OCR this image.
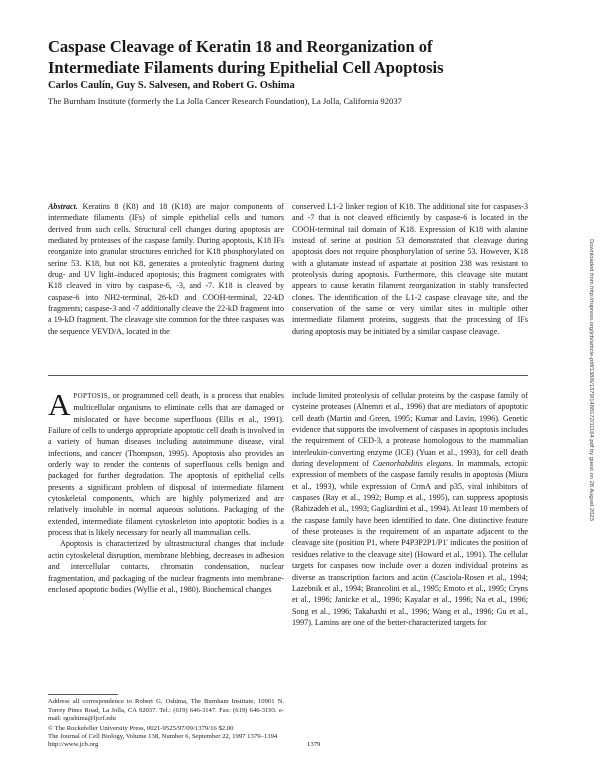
Caspase Cleavage of Keratin 18 and Reorganization of Intermediate Filaments during Epithelial Cell Apoptosis
Carlos Caulín, Guy S. Salvesen, and Robert G. Oshima
The Burnham Institute (formerly the La Jolla Cancer Research Foundation), La Jolla, California 92037

Abstract. Keratins 8 (K8) and 18 (K18) are major components of intermediate filaments (IFs) of simple epithelial cells and tumors derived from such cells. Structural cell changes during apoptosis are mediated by proteases of the caspase family. During apoptosis, K18 IFs reorganize into granular structures enriched for K18 phosphorylated on serine 53. K18, but not K8, generates a proteolytic fragment during drug- and UV light–induced apoptosis; this fragment comigrates with K18 cleaved in vitro by caspase-6, -3, and -7. K18 is cleaved by caspase-6 into NH2-terminal, 26-kD and COOH-terminal, 22-kD fragments; caspase-3 and -7 additionally cleave the 22-kD fragment into a 19-kD fragment. The cleavage site common for the three caspases was the sequence VEVD/A, located in the

conserved L1-2 linker region of K18. The additional site for caspases-3 and -7 that is not cleaved efficiently by caspase-6 is located in the COOH-terminal tail domain of K18. Expression of K18 with alanine instead of serine at position 53 demonstrated that cleavage during apoptosis does not require phosphorylation of serine 53. However, K18 with a glutamate instead of aspartate at position 238 was resistant to proteolysis during apoptosis. Furthermore, this cleavage site mutant appears to cause keratin filament reorganization in stably transfected clones. The identification of the L1-2 caspase cleavage site, and the conservation of the same or very similar sites in multiple other intermediate filament proteins, suggests that the processing of IFs during apoptosis may be initiated by a similar caspase cleavage.

APOPTOSIS, or programmed cell death, is a process that enables multicellular organisms to eliminate cells that are damaged or mislocated or have become superfluous (Ellis et al., 1991). Failure of cells to undergo appropriate apoptotic cell death is involved in a variety of human diseases including autoimmune disease, viral infections, and cancer (Thompson, 1995). Apoptosis also provides an orderly way to render the contents of superfluous cells benign and packaged for further degradation. The apoptosis of epithelial cells presents a significant problem of disposal of intermediate filament cytoskeletal components, which are highly polymerized and are relatively insoluble in normal aqueous solutions. Packaging of the extended, intermediate filament cytoskeleton into apoptotic bodies is a process that is likely necessary for nearly all mammalian cells.

Apoptosis is characterized by ultrastructural changes that include actin cytoskeletal disruption, membrane blebbing, decreases in adhesion and intercellular contacts, chromatin condensation, nuclear fragmentation, and packaging of the nuclear fragments into membrane-enclosed apoptotic bodies (Wyllie et al., 1980). Biochemical changes

include limited proteolysis of cellular proteins by the caspase family of cysteine proteases (Alnemri et al., 1996) that are mediators of apoptotic cell death (Martin and Green, 1995; Kumar and Lavin, 1996). Genetic evidence that supports the involvement of caspases in apoptosis includes the requirement of CED-3, a protease homologous to the mammalian interleukin-converting enzyme (ICE) (Yuan et al., 1993), for cell death during development of Caenorhabditis elegans. In mammals, ectopic expression of members of the caspase family results in apoptosis (Miura et al., 1993), while expression of CrmA and p35, viral inhibitors of caspases (Ray et al., 1992; Bump et al., 1995), can suppress apoptosis (Rabizadeh et al., 1993; Gagliardini et al., 1994). At least 10 members of the caspase family have been identified to date. One distinctive feature of these proteases is the requirement of an aspartate adjacent to the cleavage site (position P1, where P4P3P2P1/P1′ indicates the position of residues relative to the cleavage site) (Howard et al., 1991). The cellular targets for caspases now include over a dozen individual proteins as diverse as transcription factors and actin (Casciola-Rosen et al., 1994; Lazebnik et al., 1994; Brancolini et al., 1995; Emoto et al., 1995; Cryns et al., 1996; Janicke et al., 1996; Kayalar et al., 1996; Na et al., 1996; Song et al., 1996; Takahashi et al., 1996; Wang et al., 1996; Gu et al., 1997). Lamins are one of the better-characterized targets for

Address all correspondence to Robert G. Oshima, The Burnham Institute, 10901 N. Torrey Pines Road, La Jolla, CA 92037. Tel.: (619) 646-3147. Fax: (619) 646-3193. e-mail: rgoshima@ljcrf.edu
© The Rockefeller University Press, 0021-9525/97/09/1379/16 $2.00
The Journal of Cell Biology, Volume 138, Number 6, September 22, 1997 1379–1394
http://www.jcb.org	1379
Downloaded from http://rupress.org/jcb/article-pdf/138/6/1379/1488172/11164.pdf by guest on 28 August 2023
